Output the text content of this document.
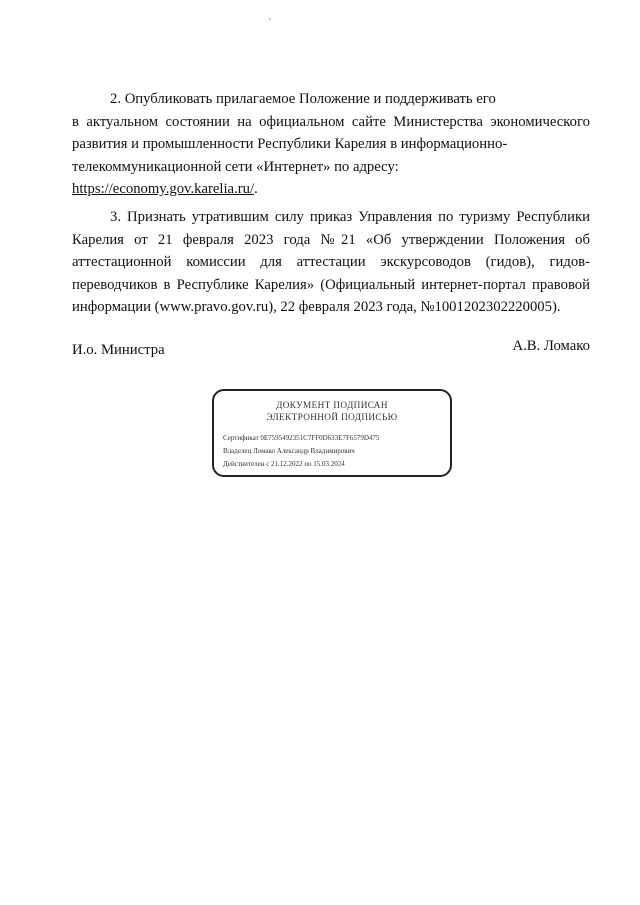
2. Опубликовать прилагаемое Положение и поддерживать его
в актуальном состоянии на официальном сайте Министерства экономического
развития и промышленности Республики Карелия в информационно-
телекоммуникационной сети «Интернет» по адресу:
https://economy.gov.karelia.ru/.
3. Признать утратившим силу приказ Управления по туризму Республики
Карелия от 21 февраля 2023 года №21 «Об утверждении Положения об
аттестационной комиссии для аттестации экскурсоводов (гидов), гидов-
переводчиков в Республике Карелия» (Официальный интернет-портал правовой
информации (www.pravo.gov.ru), 22 февраля 2023 года, №1001202302220005).
И.о. Министра	А.В. Ломако
ДОКУМЕНТ ПОДПИСАН
ЭЛЕКТРОННОЙ ПОДПИСЬЮ
Сертификат 0E7595492351C7FF0D633E7F6579D475
Владелец Ломако Александр Владимирович
Действителен с 21.12.2022 по 15.03.2024
